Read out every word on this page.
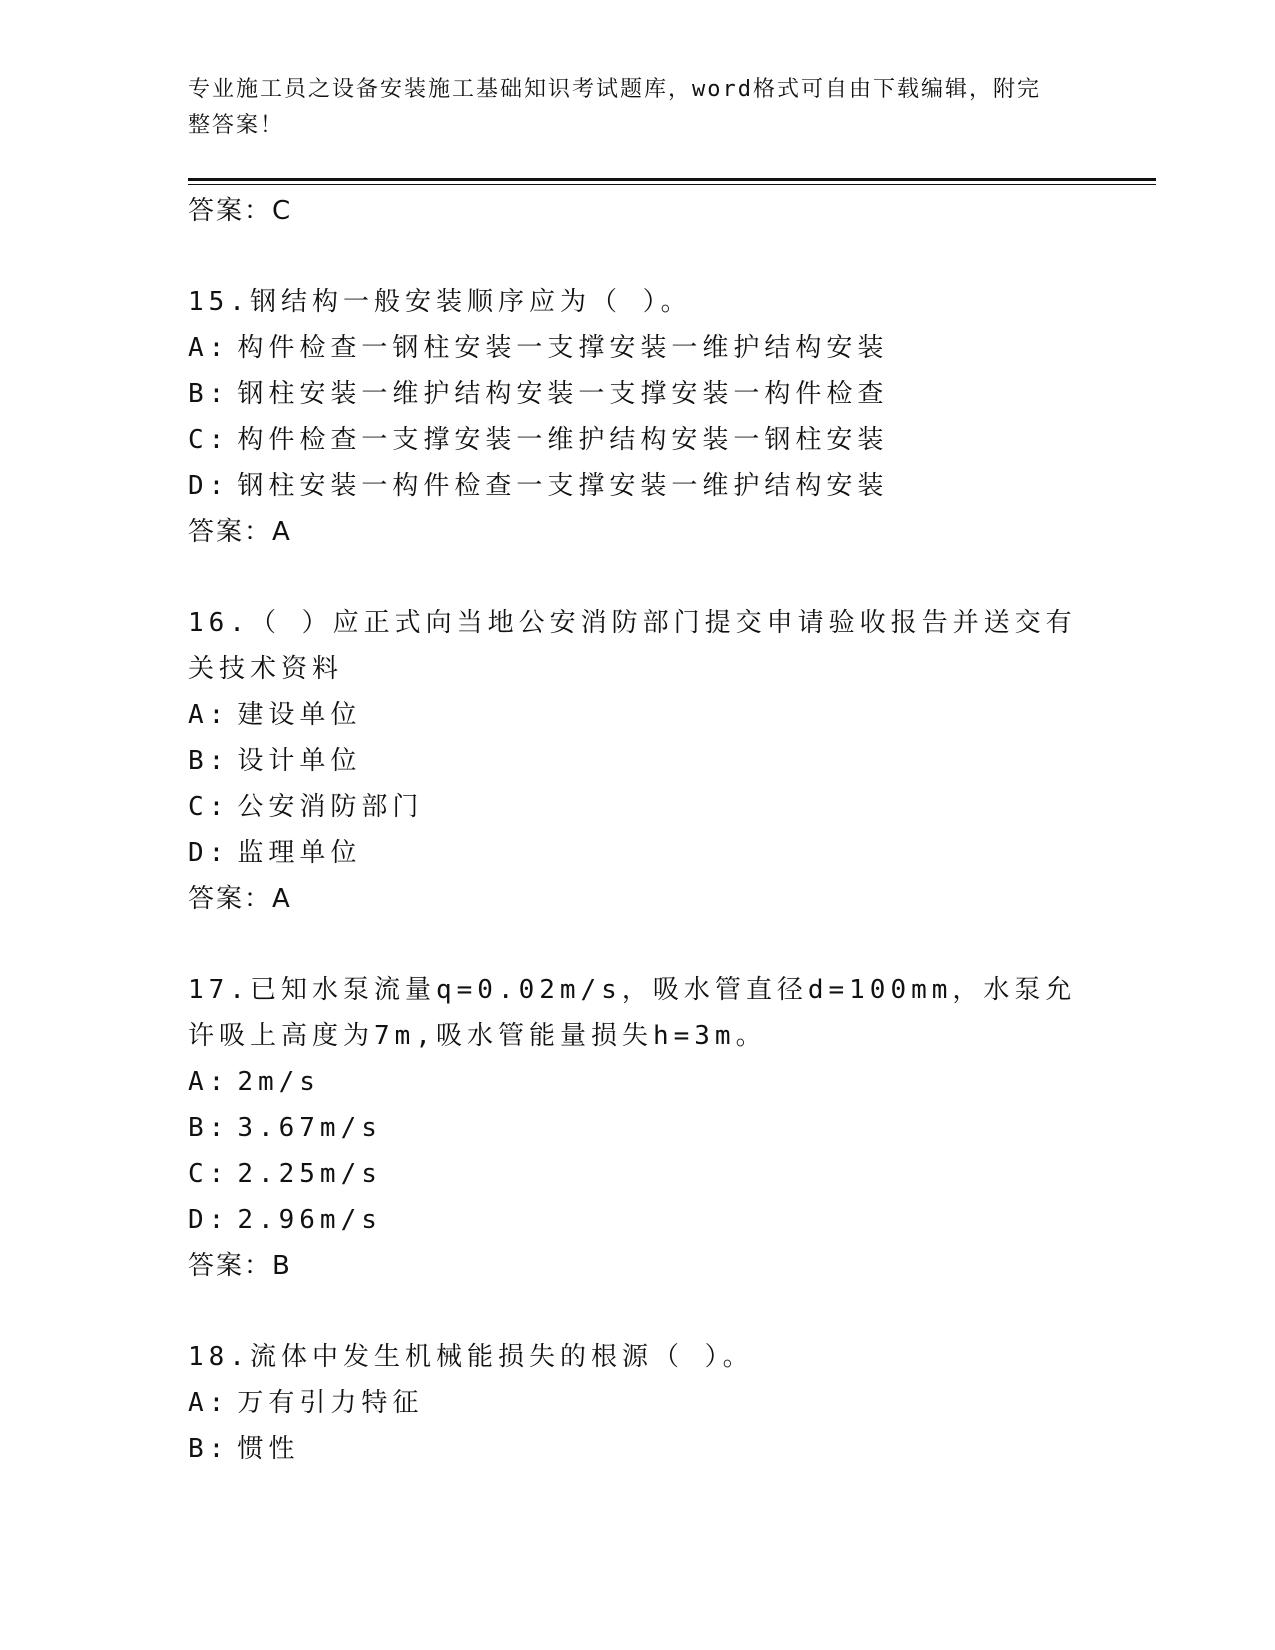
专业施工员之设备安装施工基础知识考试题库，word格式可自由下载编辑，附完
整答案！
答案：C
15.钢结构一般安装顺序应为（ ）。
A: 构件检查一钢柱安装一支撑安装一维护结构安装
B: 钢柱安装一维护结构安装一支撑安装一构件检查
C: 构件检查一支撑安装一维护结构安装一钢柱安装
D: 钢柱安装一构件检查一支撑安装一维护结构安装
答案：A
16.（ ）应正式向当地公安消防部门提交申请验收报告并送交有关技术资料
A: 建设单位
B: 设计单位
C: 公安消防部门
D: 监理单位
答案：A
17.已知水泵流量q=0.02m/s，吸水管直径d=100mm，水泵允许吸上高度为7m,吸水管能量损失h=3m。
A: 2m/s
B: 3.67m/s
C: 2.25m/s
D: 2.96m/s
答案：B
18.流体中发生机械能损失的根源（ ）。
A: 万有引力特征
B: 惯性
